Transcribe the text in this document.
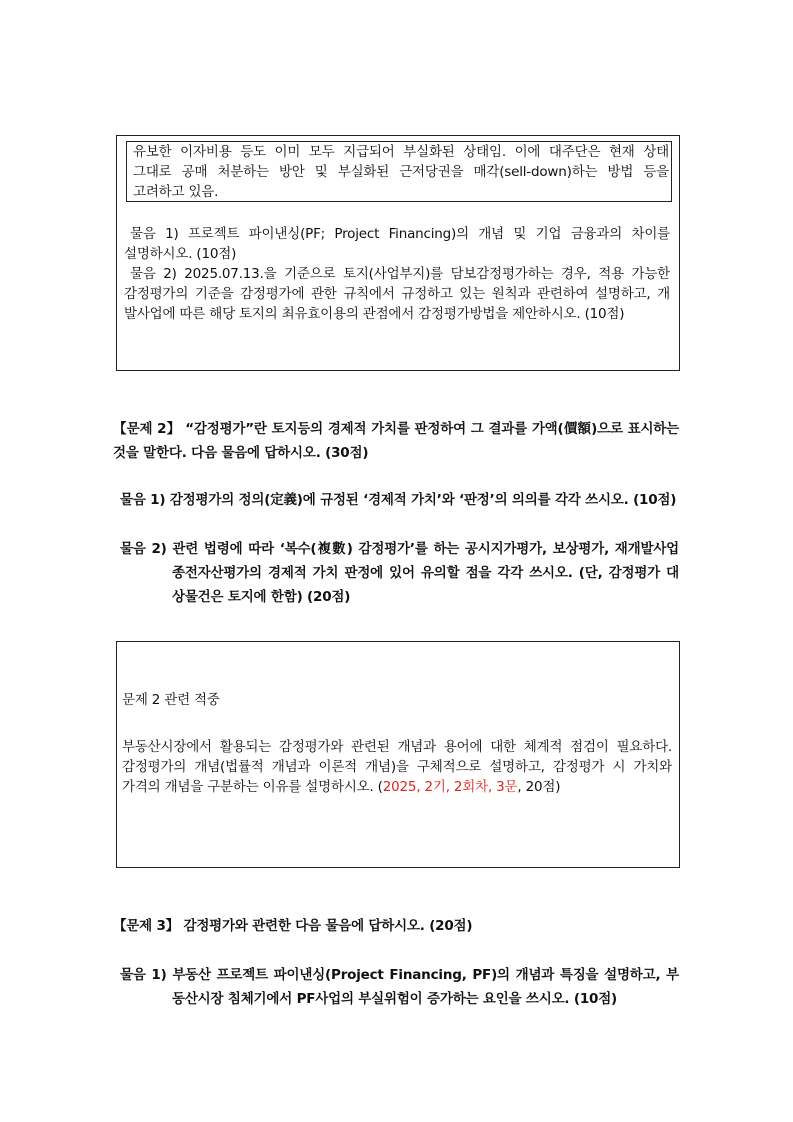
유보한 이자비용 등도 이미 모두 지급되어 부실화된 상태임. 이에 대주단은 현재 상태
그대로 공매 처분하는 방안 및 부실화된 근저당권을 매각(sell-down)하는 방법 등을
고려하고 있음.
물음 1) 프로젝트 파이낸싱(PF; Project Financing)의 개념 및 기업 금융과의 차이를
설명하시오. (10점)
물음 2) 2025.07.13.을 기준으로 토지(사업부지)를 담보감정평가하는 경우, 적용 가능한
감정평가의 기준을 감정평가에 관한 규칙에서 규정하고 있는 원칙과 관련하여 설명하고, 개
발사업에 따른 해당 토지의 최유효이용의 관점에서 감정평가방법을 제안하시오. (10점)
【문제 2】 “감정평가”란 토지등의 경제적 가치를 판정하여 그 결과를 가액(價額)으로 표시하는
것을 말한다. 다음 물음에 답하시오. (30점)
물음 1) 감정평가의 정의(定義)에 규정된 ‘경제적 가치’와 ‘판정’의 의의를 각각 쓰시오. (10점)
물음 2) 관련 법령에 따라 ‘복수(複數) 감정평가’를 하는 공시지가평가, 보상평가, 재개발사업
종전자산평가의 경제적 가치 판정에 있어 유의할 점을 각각 쓰시오. (단, 감정평가 대
상물건은 토지에 한함) (20점)
문제 2 관련 적중
부동산시장에서 활용되는 감정평가와 관련된 개념과 용어에 대한 체계적 점검이 필요하다.
감정평가의 개념(법률적 개념과 이론적 개념)을 구체적으로 설명하고, 감정평가 시 가치와
가격의 개념을 구분하는 이유를 설명하시오. (2025, 2기, 2회차, 3문, 20점)
【문제 3】 감정평가와 관련한 다음 물음에 답하시오. (20점)
물음 1) 부동산 프로젝트 파이낸싱(Project Financing, PF)의 개념과 특징을 설명하고, 부
동산시장 침체기에서 PF사업의 부실위험이 증가하는 요인을 쓰시오. (10점)
